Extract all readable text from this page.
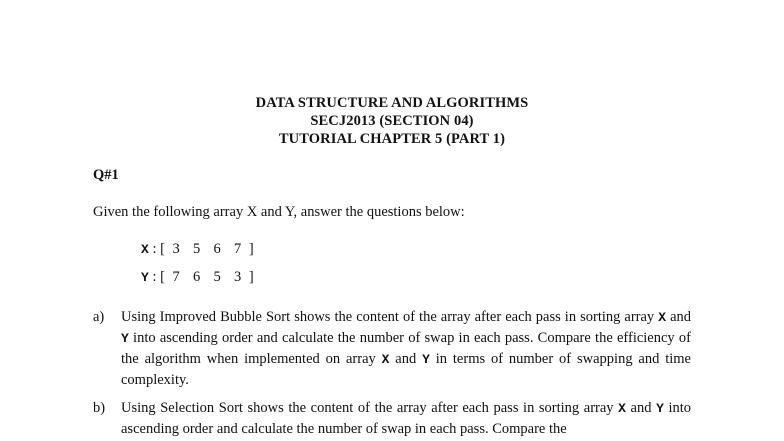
DATA STRUCTURE AND ALGORITHMS
SECJ2013 (SECTION 04)
TUTORIAL CHAPTER 5 (PART 1)
Q#1
Given the following array X and Y, answer the questions below:
X : [ 3  5  6  7 ]
Y : [ 7  6  5  3 ]
a) Using Improved Bubble Sort shows the content of the array after each pass in sorting array X and Y into ascending order and calculate the number of swap in each pass. Compare the efficiency of the algorithm when implemented on array X and Y in terms of number of swapping and time complexity.
b) Using Selection Sort shows the content of the array after each pass in sorting array X and Y into ascending order and calculate the number of swap in each pass. Compare the
